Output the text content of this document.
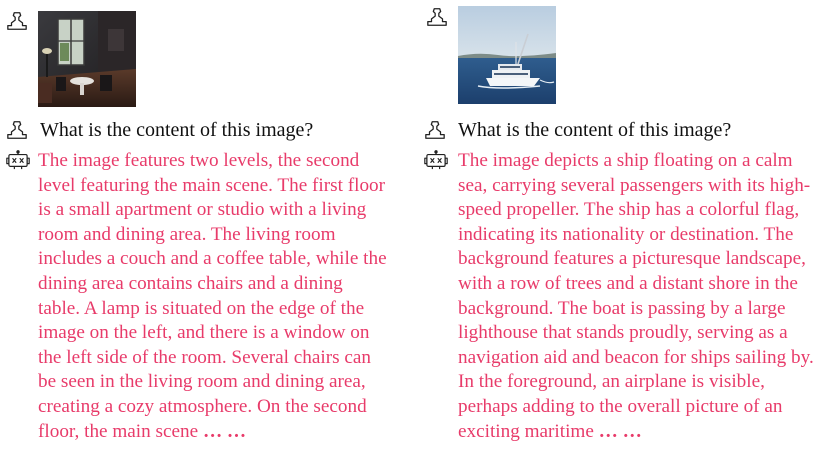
What is the content of this image?

The image features two levels, the second level featuring the main scene. The first floor is a small apartment or studio with a living room and dining area. The living room includes a couch and a coffee table, while the dining area contains chairs and a dining table. A lamp is situated on the edge of the image on the left, and there is a window on the left side of the room. Several chairs can be seen in the living room and dining area, creating a cozy atmosphere. On the second floor, the main scene … …

What is the content of this image?

The image depicts a ship floating on a calm sea, carrying several passengers with its high-speed propeller. The ship has a colorful flag, indicating its nationality or destination. The background features a picturesque landscape, with a row of trees and a distant shore in the background. The boat is passing by a large lighthouse that stands proudly, serving as a navigation aid and beacon for ships sailing by. In the foreground, an airplane is visible, perhaps adding to the overall picture of an exciting maritime … …
